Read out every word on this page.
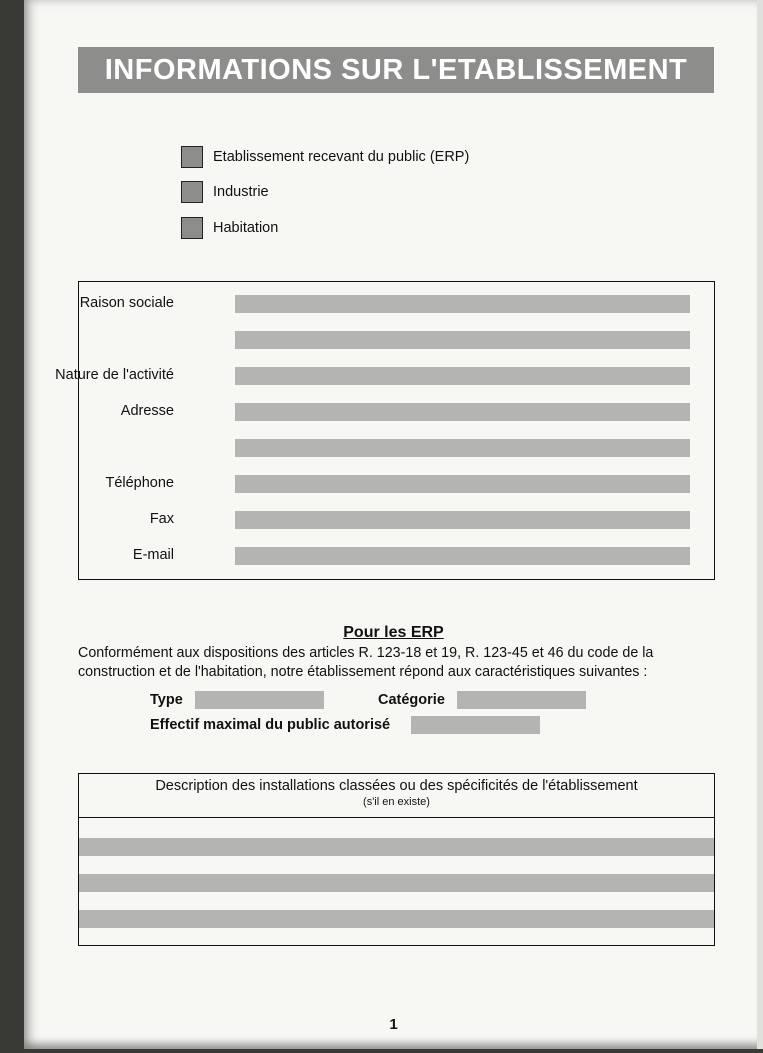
INFORMATIONS SUR L'ETABLISSEMENT
Etablissement recevant du public (ERP)
Industrie
Habitation
Raison sociale
Nature de l'activité
Adresse
Téléphone
Fax
E-mail
Pour les ERP
Conformément aux dispositions des articles R. 123-18 et 19, R. 123-45 et 46 du code de la construction et de l'habitation, notre établissement répond aux caractéristiques suivantes :
Type	Catégorie
Effectif maximal du public autorisé
Description des installations classées ou des spécificités de l'établissement
(s'il en existe)
1
